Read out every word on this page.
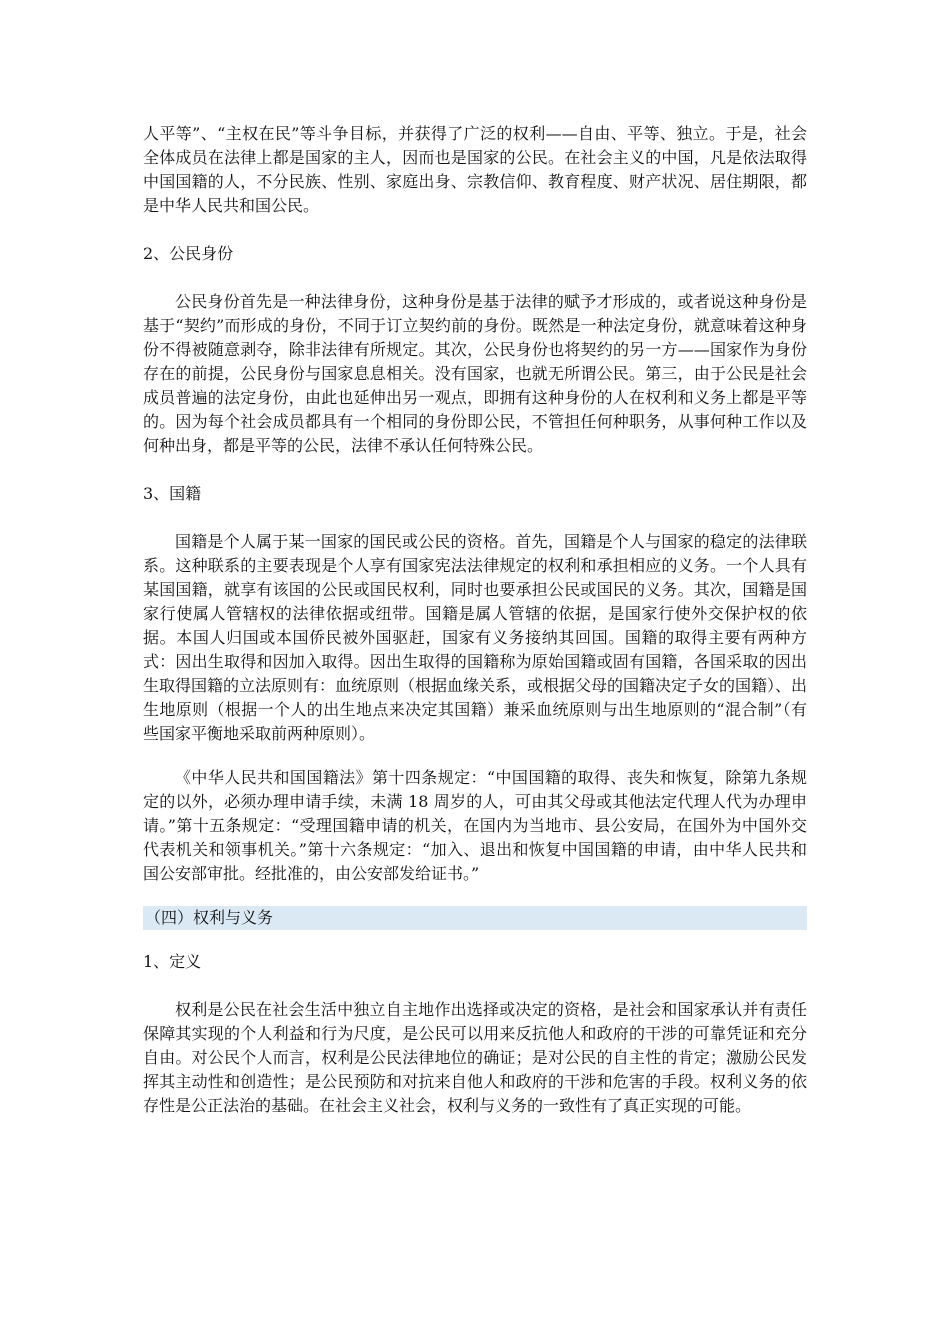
人平等”、“主权在民”等斗争目标，并获得了广泛的权利——自由、平等、独立。于是，社会全体成员在法律上都是国家的主人，因而也是国家的公民。在社会主义的中国，凡是依法取得中国国籍的人，不分民族、性别、家庭出身、宗教信仰、教育程度、财产状况、居住期限，都是中华人民共和国公民。

2、公民身份

公民身份首先是一种法律身份，这种身份是基于法律的赋予才形成的，或者说这种身份是基于“契约”而形成的身份，不同于订立契约前的身份。既然是一种法定身份，就意味着这种身份不得被随意剥夺，除非法律有所规定。其次，公民身份也将契约的另一方——国家作为身份存在的前提，公民身份与国家息息相关。没有国家，也就无所谓公民。第三，由于公民是社会成员普遍的法定身份，由此也延伸出另一观点，即拥有这种身份的人在权利和义务上都是平等的。因为每个社会成员都具有一个相同的身份即公民，不管担任何种职务，从事何种工作以及何种出身，都是平等的公民，法律不承认任何特殊公民。

3、国籍

国籍是个人属于某一国家的国民或公民的资格。首先，国籍是个人与国家的稳定的法律联系。这种联系的主要表现是个人享有国家宪法法律规定的权利和承担相应的义务。一个人具有某国国籍，就享有该国的公民或国民权利，同时也要承担公民或国民的义务。其次，国籍是国家行使属人管辖权的法律依据或纽带。国籍是属人管辖的依据，是国家行使外交保护权的依据。本国人归国或本国侨民被外国驱赶，国家有义务接纳其回国。国籍的取得主要有两种方式：因出生取得和因加入取得。因出生取得的国籍称为原始国籍或固有国籍，各国采取的因出生取得国籍的立法原则有：血统原则（根据血缘关系，或根据父母的国籍决定子女的国籍）、出生地原则（根据一个人的出生地点来决定其国籍）兼采血统原则与出生地原则的“混合制”（有些国家平衡地采取前两种原则）。

《中华人民共和国国籍法》第十四条规定：“中国国籍的取得、丧失和恢复，除第九条规定的以外，必须办理申请手续，未满 18 周岁的人，可由其父母或其他法定代理人代为办理申请。”第十五条规定：“受理国籍申请的机关，在国内为当地市、县公安局，在国外为中国外交代表机关和领事机关。”第十六条规定：“加入、退出和恢复中国国籍的申请，由中华人民共和国公安部审批。经批准的，由公安部发给证书。”

（四）权利与义务

1、定义

权利是公民在社会生活中独立自主地作出选择或决定的资格，是社会和国家承认并有责任保障其实现的个人利益和行为尺度，是公民可以用来反抗他人和政府的干涉的可靠凭证和充分自由。对公民个人而言，权利是公民法律地位的确证；是对公民的自主性的肯定；激励公民发挥其主动性和创造性；是公民预防和对抗来自他人和政府的干涉和危害的手段。权利义务的依存性是公正法治的基础。在社会主义社会，权利与义务的一致性有了真正实现的可能。
